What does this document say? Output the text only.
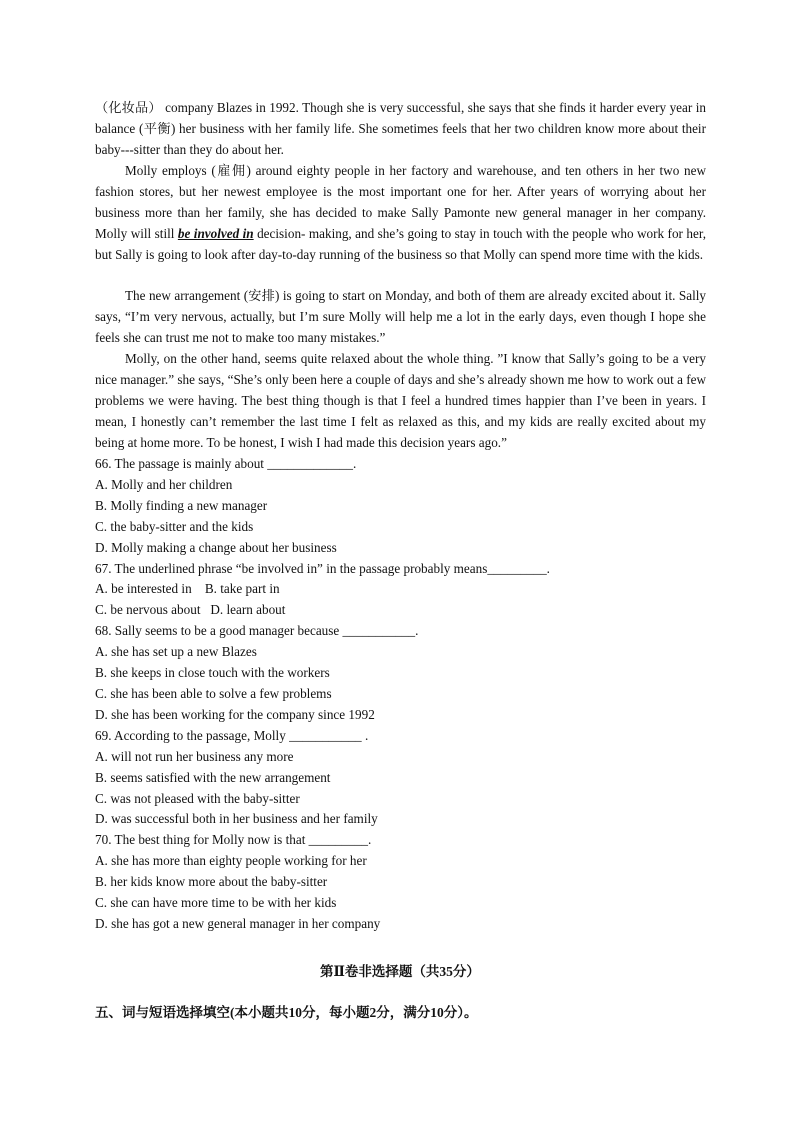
（化妆品） company Blazes in 1992. Though she is very successful, she says that she finds it harder every year in balance (平衡) her business with her family life. She sometimes feels that her two children know more about their baby---sitter than they do about her.
Molly employs (雇佣) around eighty people in her factory and warehouse, and ten others in her two new fashion stores, but her newest employee is the most important one for her. After years of worrying about her business more than her family, she has decided to make Sally Pamonte new general manager in her company. Molly will still be involved in decision- making, and she’s going to stay in touch with the people who work for her, but Sally is going to look after day-to-day running of the business so that Molly can spend more time with the kids.
The new arrangement (安排) is going to start on Monday, and both of them are already excited about it. Sally says, “I’m very nervous, actually, but I’m sure Molly will help me a lot in the early days, even though I hope she feels she can trust me not to make too many mistakes.”
Molly, on the other hand, seems quite relaxed about the whole thing. ”I know that Sally’s going to be a very nice manager.” she says, “She’s only been here a couple of days and she’s already shown me how to work out a few problems we were having. The best thing though is that I feel a hundred times happier than I’ve been in years. I mean, I honestly can’t remember the last time I felt as relaxed as this, and my kids are really excited about my being at home more. To be honest, I wish I had made this decision years ago.”
66. The passage is mainly about _____________.
A. Molly and her children
B. Molly finding a new manager
C. the baby-sitter and the kids
D. Molly making a change about her business
67. The underlined phrase “be involved in” in the passage probably means_________.
A. be interested in    B. take part in
C. be nervous about   D. learn about
68. Sally seems to be a good manager because ___________.
A. she has set up a new Blazes
B. she keeps in close touch with the workers
C. she has been able to solve a few problems
D. she has been working for the company since 1992
69. According to the passage, Molly ___________ .
A. will not run her business any more
B. seems satisfied with the new arrangement
C. was not pleased with the baby-sitter
D. was successful both in her business and her family
70. The best thing for Molly now is that _________.
A. she has more than eighty people working for her
B. her kids know more about the baby-sitter
C. she can have more time to be with her kids
D. she has got a new general manager in her company
第Ⅱ卷非选择题（共35分）
五、词与短语选择填空(本小题共10分，每小题2分，满分10分）。
